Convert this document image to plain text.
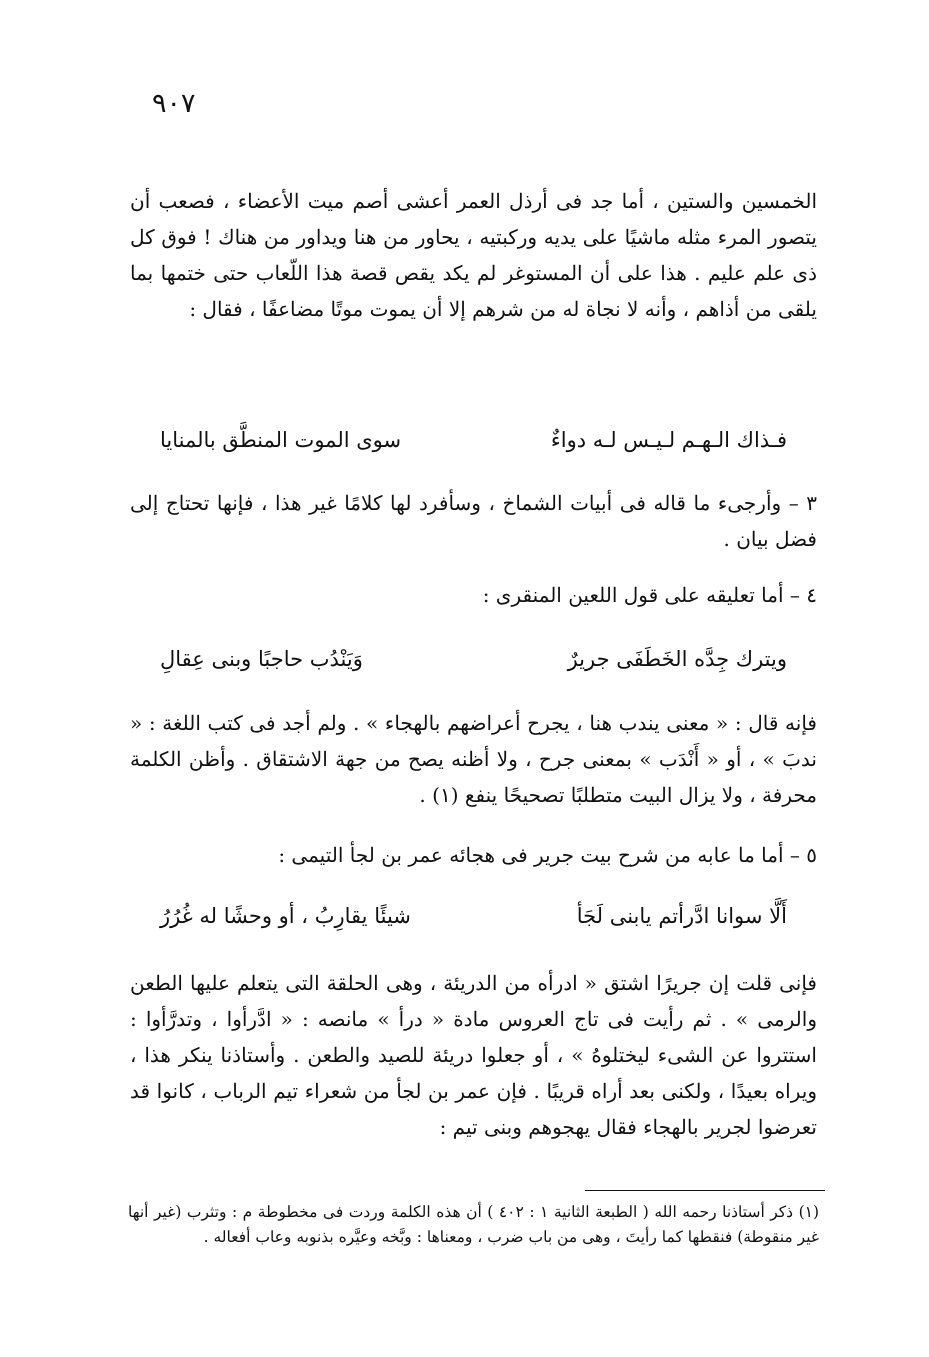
٩٠٧

الخمسين والستين ، أما جد فى أرذل العمر أعشى أصم ميت الأعضاء ، فصعب أن يتصور المرء مثله ماشيًا على يديه وركبتيه ، يحاور من هنا ويداور من هناك ! فوق كل ذى علم عليم . هذا على أن المستوغر لم يكد يقص قصة هذا اللّعاب حتى ختمها بما يلقى من أذاهم ، وأنه لا نجاة له من شرهم إلا أن يموت موتًا مضاعفًا ، فقال :

فـذاك الـهـم لـيـس لـه دواءٌ
سوى الموت المنطَّق بالمنايا

٣ – وأرجىء ما قاله فى أبيات الشماخ ، وسأفرد لها كلامًا غير هذا ، فإنها تحتاج إلى فضل بيان .

٤ – أما تعليقه على قول اللعين المنقرى :

ويترك جِدَّه الخَطَفَى جريرٌ
وَيَنْدُب حاجبًا وبنى عِقالِ

فإنه قال : « معنى يندب هنا ، يجرح أعراضهم بالهجاء » . ولم أجد فى كتب اللغة : « ندبَ » ، أو « أَنْدَب » بمعنى جرح ، ولا أظنه يصح من جهة الاشتقاق . وأظن الكلمة محرفة ، ولا يزال البيت متطلبًا تصحيحًا ينفع (١) .

٥ – أما ما عابه من شرح بيت جرير فى هجائه عمر بن لجأ التيمى :

أَلَّا سوانا ادَّرأتم يابنى لَجَأ
شيئًا يقارِبُ ، أو وحشًا له غُرُرُ

فإنى قلت إن جريرًا اشتق « ادرأه من الدريئة ، وهى الحلقة التى يتعلم عليها الطعن والرمى » . ثم رأيت فى تاج العروس مادة « درأ » مانصه : « ادَّرأوا ، وتدرَّأوا : استتروا عن الشىء ليختلوهُ » ، أو جعلوا دريئة للصيد والطعن . وأستاذنا ينكر هذا ، ويراه بعيدًا ، ولكنى بعد أراه قريبًا . فإن عمر بن لجأ من شعراء تيم الرباب ، كانوا قد تعرضوا لجرير بالهجاء فقال يهجوهم وبنى تيم :

(١) ذكر أستاذنا رحمه الله ( الطبعة الثانية ١ : ٤٠٢ ) أن هذه الكلمة وردت فى مخطوطة م : وتثرب (غير أنها غير منقوطة) فنقطها كما رأيتَ ، وهى من باب ضرب ، ومعناها : وبَّخه وعيَّره بذنوبه وعاب أفعاله .
